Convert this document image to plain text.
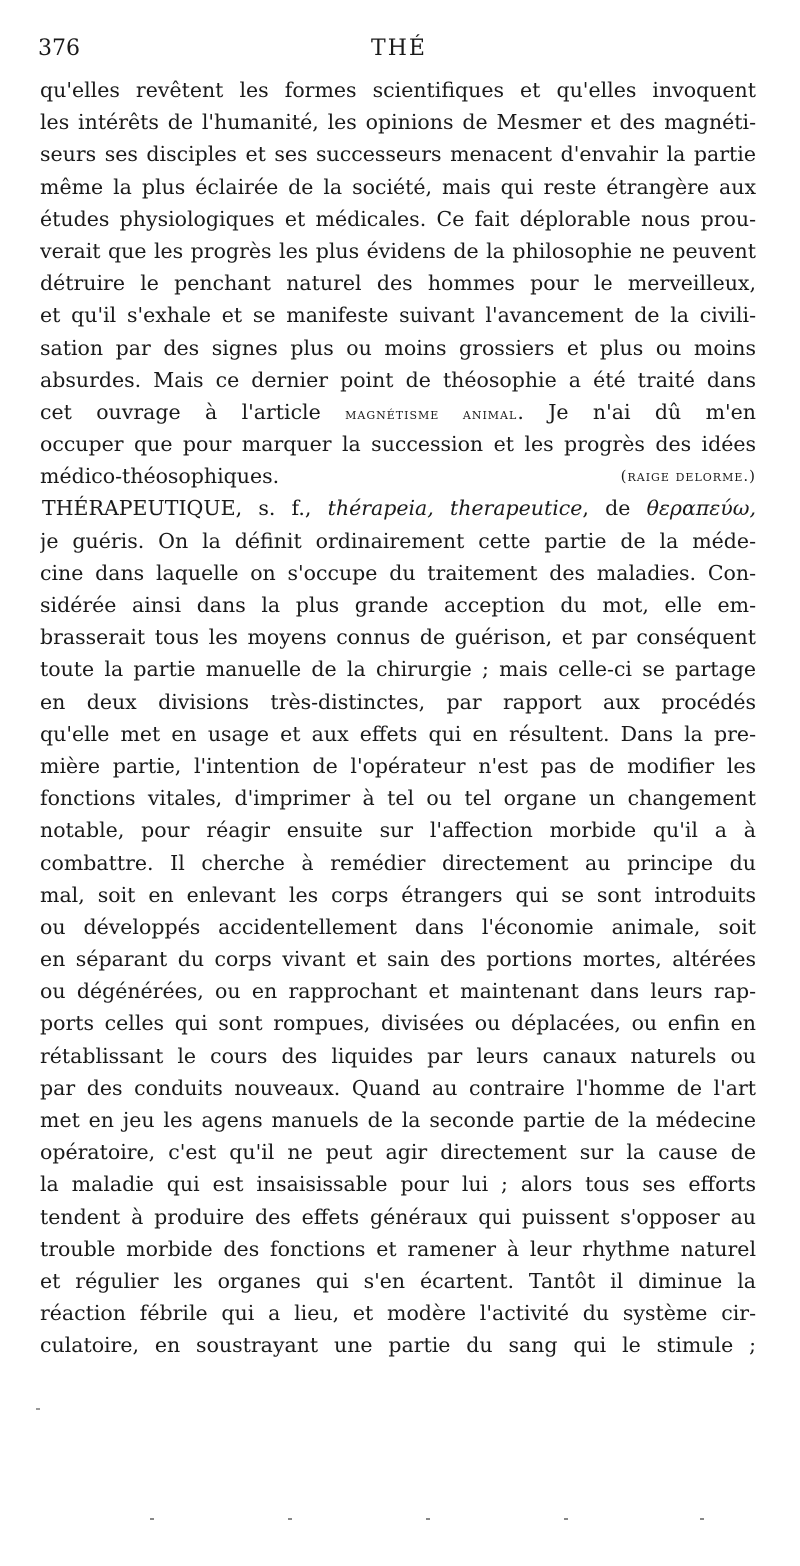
376	THÉ
qu'elles revêtent les formes scientifiques et qu'elles invoquent
les intérêts de l'humanité, les opinions de Mesmer et des magnéti-
seurs ses disciples et ses successeurs menacent d'envahir la partie
même la plus éclairée de la société, mais qui reste étrangère aux
études physiologiques et médicales. Ce fait déplorable nous prou-
verait que les progrès les plus évidens de la philosophie ne peuvent
détruire le penchant naturel des hommes pour le merveilleux,
et qu'il s'exhale et se manifeste suivant l'avancement de la civili-
sation par des signes plus ou moins grossiers et plus ou moins
absurdes. Mais ce dernier point de théosophie a été traité dans
cet ouvrage à l'article magnétisme animal. Je n'ai dû m'en
occuper que pour marquer la succession et les progrès des idées
médico-théosophiques.	(raige delorme.)
THÉRAPEUTIQUE, s. f., thérapeia, therapeutice, de θεραπεύω,
je guéris. On la définit ordinairement cette partie de la méde-
cine dans laquelle on s'occupe du traitement des maladies. Con-
sidérée ainsi dans la plus grande acception du mot, elle em-
brasserait tous les moyens connus de guérison, et par conséquent
toute la partie manuelle de la chirurgie ; mais celle-ci se partage
en deux divisions très-distinctes, par rapport aux procédés
qu'elle met en usage et aux effets qui en résultent. Dans la pre-
mière partie, l'intention de l'opérateur n'est pas de modifier les
fonctions vitales, d'imprimer à tel ou tel organe un changement
notable, pour réagir ensuite sur l'affection morbide qu'il a à
combattre. Il cherche à remédier directement au principe du
mal, soit en enlevant les corps étrangers qui se sont introduits
ou développés accidentellement dans l'économie animale, soit
en séparant du corps vivant et sain des portions mortes, altérées
ou dégénérées, ou en rapprochant et maintenant dans leurs rap-
ports celles qui sont rompues, divisées ou déplacées, ou enfin en
rétablissant le cours des liquides par leurs canaux naturels ou
par des conduits nouveaux. Quand au contraire l'homme de l'art
met en jeu les agens manuels de la seconde partie de la médecine
opératoire, c'est qu'il ne peut agir directement sur la cause de
la maladie qui est insaisissable pour lui ; alors tous ses efforts
tendent à produire des effets généraux qui puissent s'opposer au
trouble morbide des fonctions et ramener à leur rhythme naturel
et régulier les organes qui s'en écartent. Tantôt il diminue la
réaction fébrile qui a lieu, et modère l'activité du système cir-
culatoire, en soustrayant une partie du sang qui le stimule ;
